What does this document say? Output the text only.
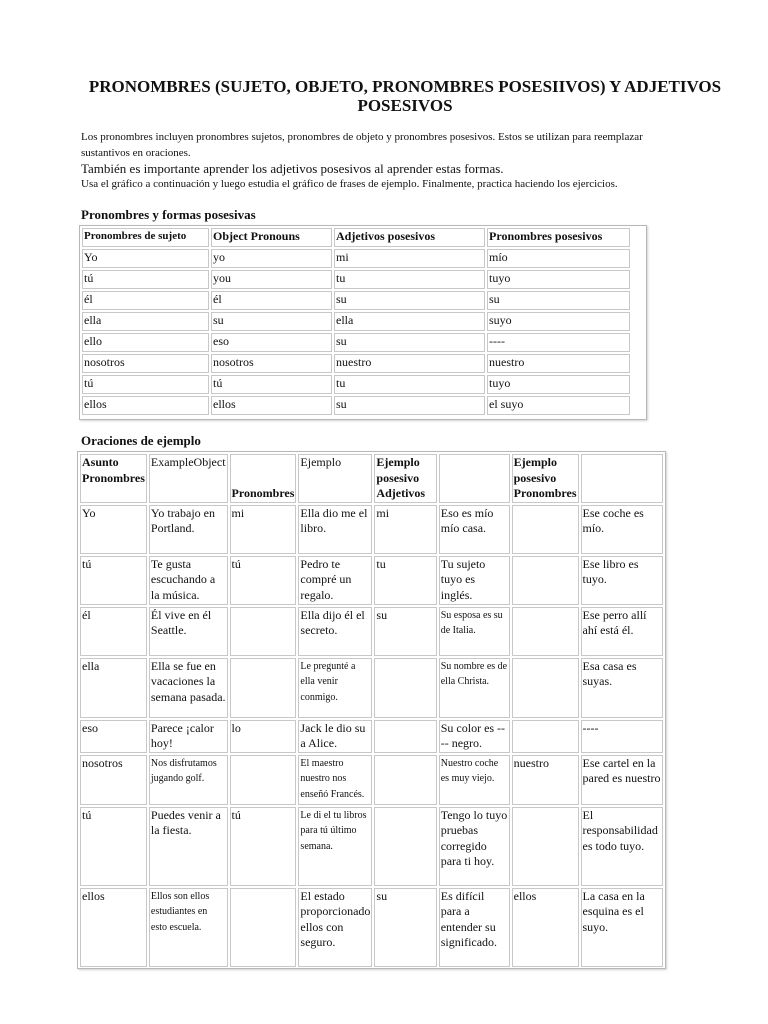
PRONOMBRES (SUJETO, OBJETO, PRONOMBRES POSESIIVOS) Y ADJETIVOS POSESIVOS
Los pronombres incluyen pronombres sujetos, pronombres de objeto y pronombres posesivos. Estos se utilizan para reemplazar sustantivos en oraciones.
También es importante aprender los adjetivos posesivos al aprender estas formas.
Usa el gráfico a continuación y luego estudia el gráfico de frases de ejemplo. Finalmente, practica haciendo los ejercicios.
Pronombres y formas posesivas
Pronombres de sujeto	Object Pronouns	Adjetivos posesivos	Pronombres posesivos
Yo	yo	mi	mío
tú	you	tu	tuyo
él	él	su	su
ella	su	ella	suyo
ello	eso	su	----
nosotros	nosotros	nuestro	nuestro
tú	tú	tu	tuyo
ellos	ellos	su	el suyo
Oraciones de ejemplo
Asunto Pronombres	ExampleObject	Pronombres	Ejemplo	Ejemplo posesivo Adjetivos		Ejemplo posesivo Pronombres	
Yo	Yo trabajo en Portland.	mi	Ella dio me el libro.	mi	Eso es mío mío casa.		Ese coche es mío.
tú	Te gusta escuchando a la música.	tú	Pedro te compré un regalo.	tu	Tu sujeto tuyo es inglés.		Ese libro es tuyo.
él	Él vive en él Seattle.		Ella dijo él el secreto.	su	Su esposa es su de Italia.		Ese perro allí ahí está él.
ella	Ella se fue en vacaciones la semana pasada.		Le pregunté a ella venir conmigo.		Su nombre es de ella Christa.		Esa casa es suyas.
eso	Parece ¡calor hoy!	lo	Jack le dio su a Alice.		Su color es ---- negro.		----
nosotros	Nos disfrutamos jugando golf.		El maestro nuestro nos enseñó Francés.		Nuestro coche es muy viejo.	nuestro	Ese cartel en la pared es nuestro
tú	Puedes venir a la fiesta.	tú	Le di el tu libros para tú último semana.		Tengo lo tuyo pruebas corregido para ti hoy.		El responsabilidad es todo tuyo.
ellos	Ellos son ellos estudiantes en esto escuela.		El estado proporcionado ellos con seguro.	su	Es difícil para a entender su significado.	ellos	La casa en la esquina es el suyo.
